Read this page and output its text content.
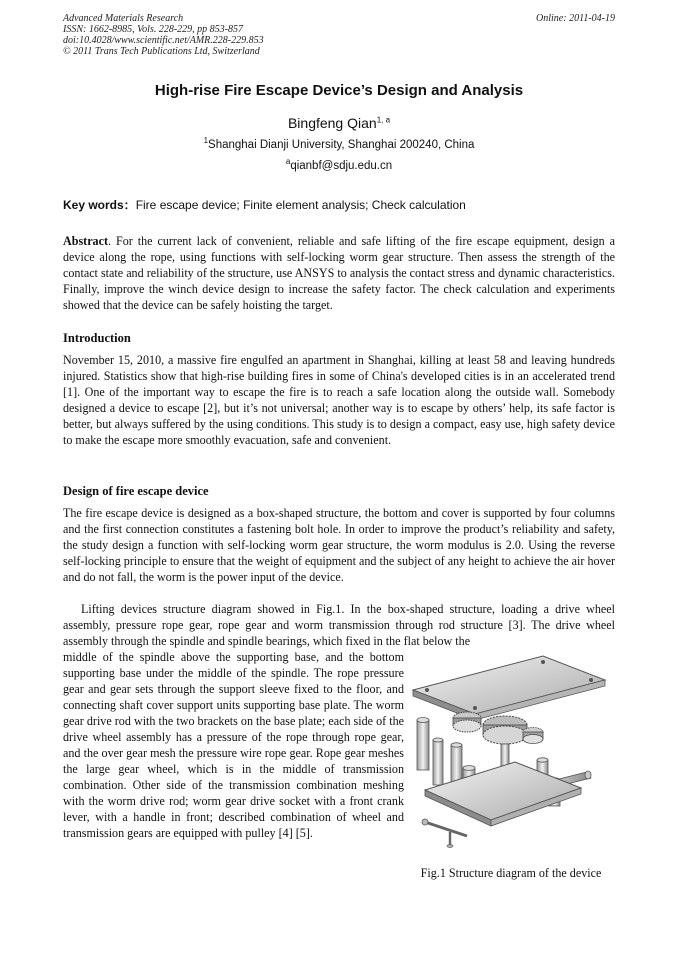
Advanced Materials Research
ISSN: 1662-8985, Vols. 228-229, pp 853-857
doi:10.4028/www.scientific.net/AMR.228-229.853
© 2011 Trans Tech Publications Ltd, Switzerland
Online: 2011-04-19
High-rise Fire Escape Device’s Design and Analysis
Bingfeng Qian$^{1, a}$
$^1$Shanghai Dianji University, Shanghai 200240, China
$^a$qianbf@sdju.edu.cn
Key words：Fire escape device; Finite element analysis; Check calculation
Abstract. For the current lack of convenient, reliable and safe lifting of the fire escape equipment, design a device along the rope, using functions with self-locking worm gear structure. Then assess the strength of the contact state and reliability of the structure, use ANSYS to analysis the contact stress and dynamic characteristics. Finally, improve the winch device design to increase the safety factor. The check calculation and experiments showed that the device can be safely hoisting the target.
Introduction
November 15, 2010, a massive fire engulfed an apartment in Shanghai, killing at least 58 and leaving hundreds injured. Statistics show that high-rise building fires in some of China's developed cities is in an accelerated trend [1]. One of the important way to escape the fire is to reach a safe location along the outside wall. Somebody designed a device to escape [2], but it’s not universal; another way is to escape by others’ help, its safe factor is better, but always suffered by the using conditions. This study is to design a compact, easy use, high safety device to make the escape more smoothly evacuation, safe and convenient.
Design of fire escape device
The fire escape device is designed as a box-shaped structure, the bottom and cover is supported by four columns and the first connection constitutes a fastening bolt hole. In order to improve the product’s reliability and safety, the study design a function with self-locking worm gear structure, the worm modulus is 2.0. Using the reverse self-locking principle to ensure that the weight of equipment and the subject of any height to achieve the air hover and do not fall, the worm is the power input of the device.
Lifting devices structure diagram showed in Fig.1. In the box-shaped structure, loading a drive wheel assembly, pressure rope gear, rope gear and worm transmission through rod structure [3]. The drive wheel assembly through the spindle and spindle bearings, which fixed in the flat below the
middle of the spindle above the supporting base, and the bottom supporting base under the middle of the spindle. The rope pressure gear and gear sets through the support sleeve fixed to the floor, and connecting shaft cover support units supporting base plate. The worm gear drive rod with the two brackets on the base plate; each side of the drive wheel assembly has a pressure of the rope through rope gear, and the over gear mesh the pressure wire rope gear. Rope gear meshes the large gear wheel, which is in the middle of transmission combination. Other side of the transmission combination meshing with the worm drive rod; worm gear drive socket with a front crank lever, with a handle in front; described combination of wheel and transmission gears are equipped with pulley [4] [5].
Fig.1 Structure diagram of the device
